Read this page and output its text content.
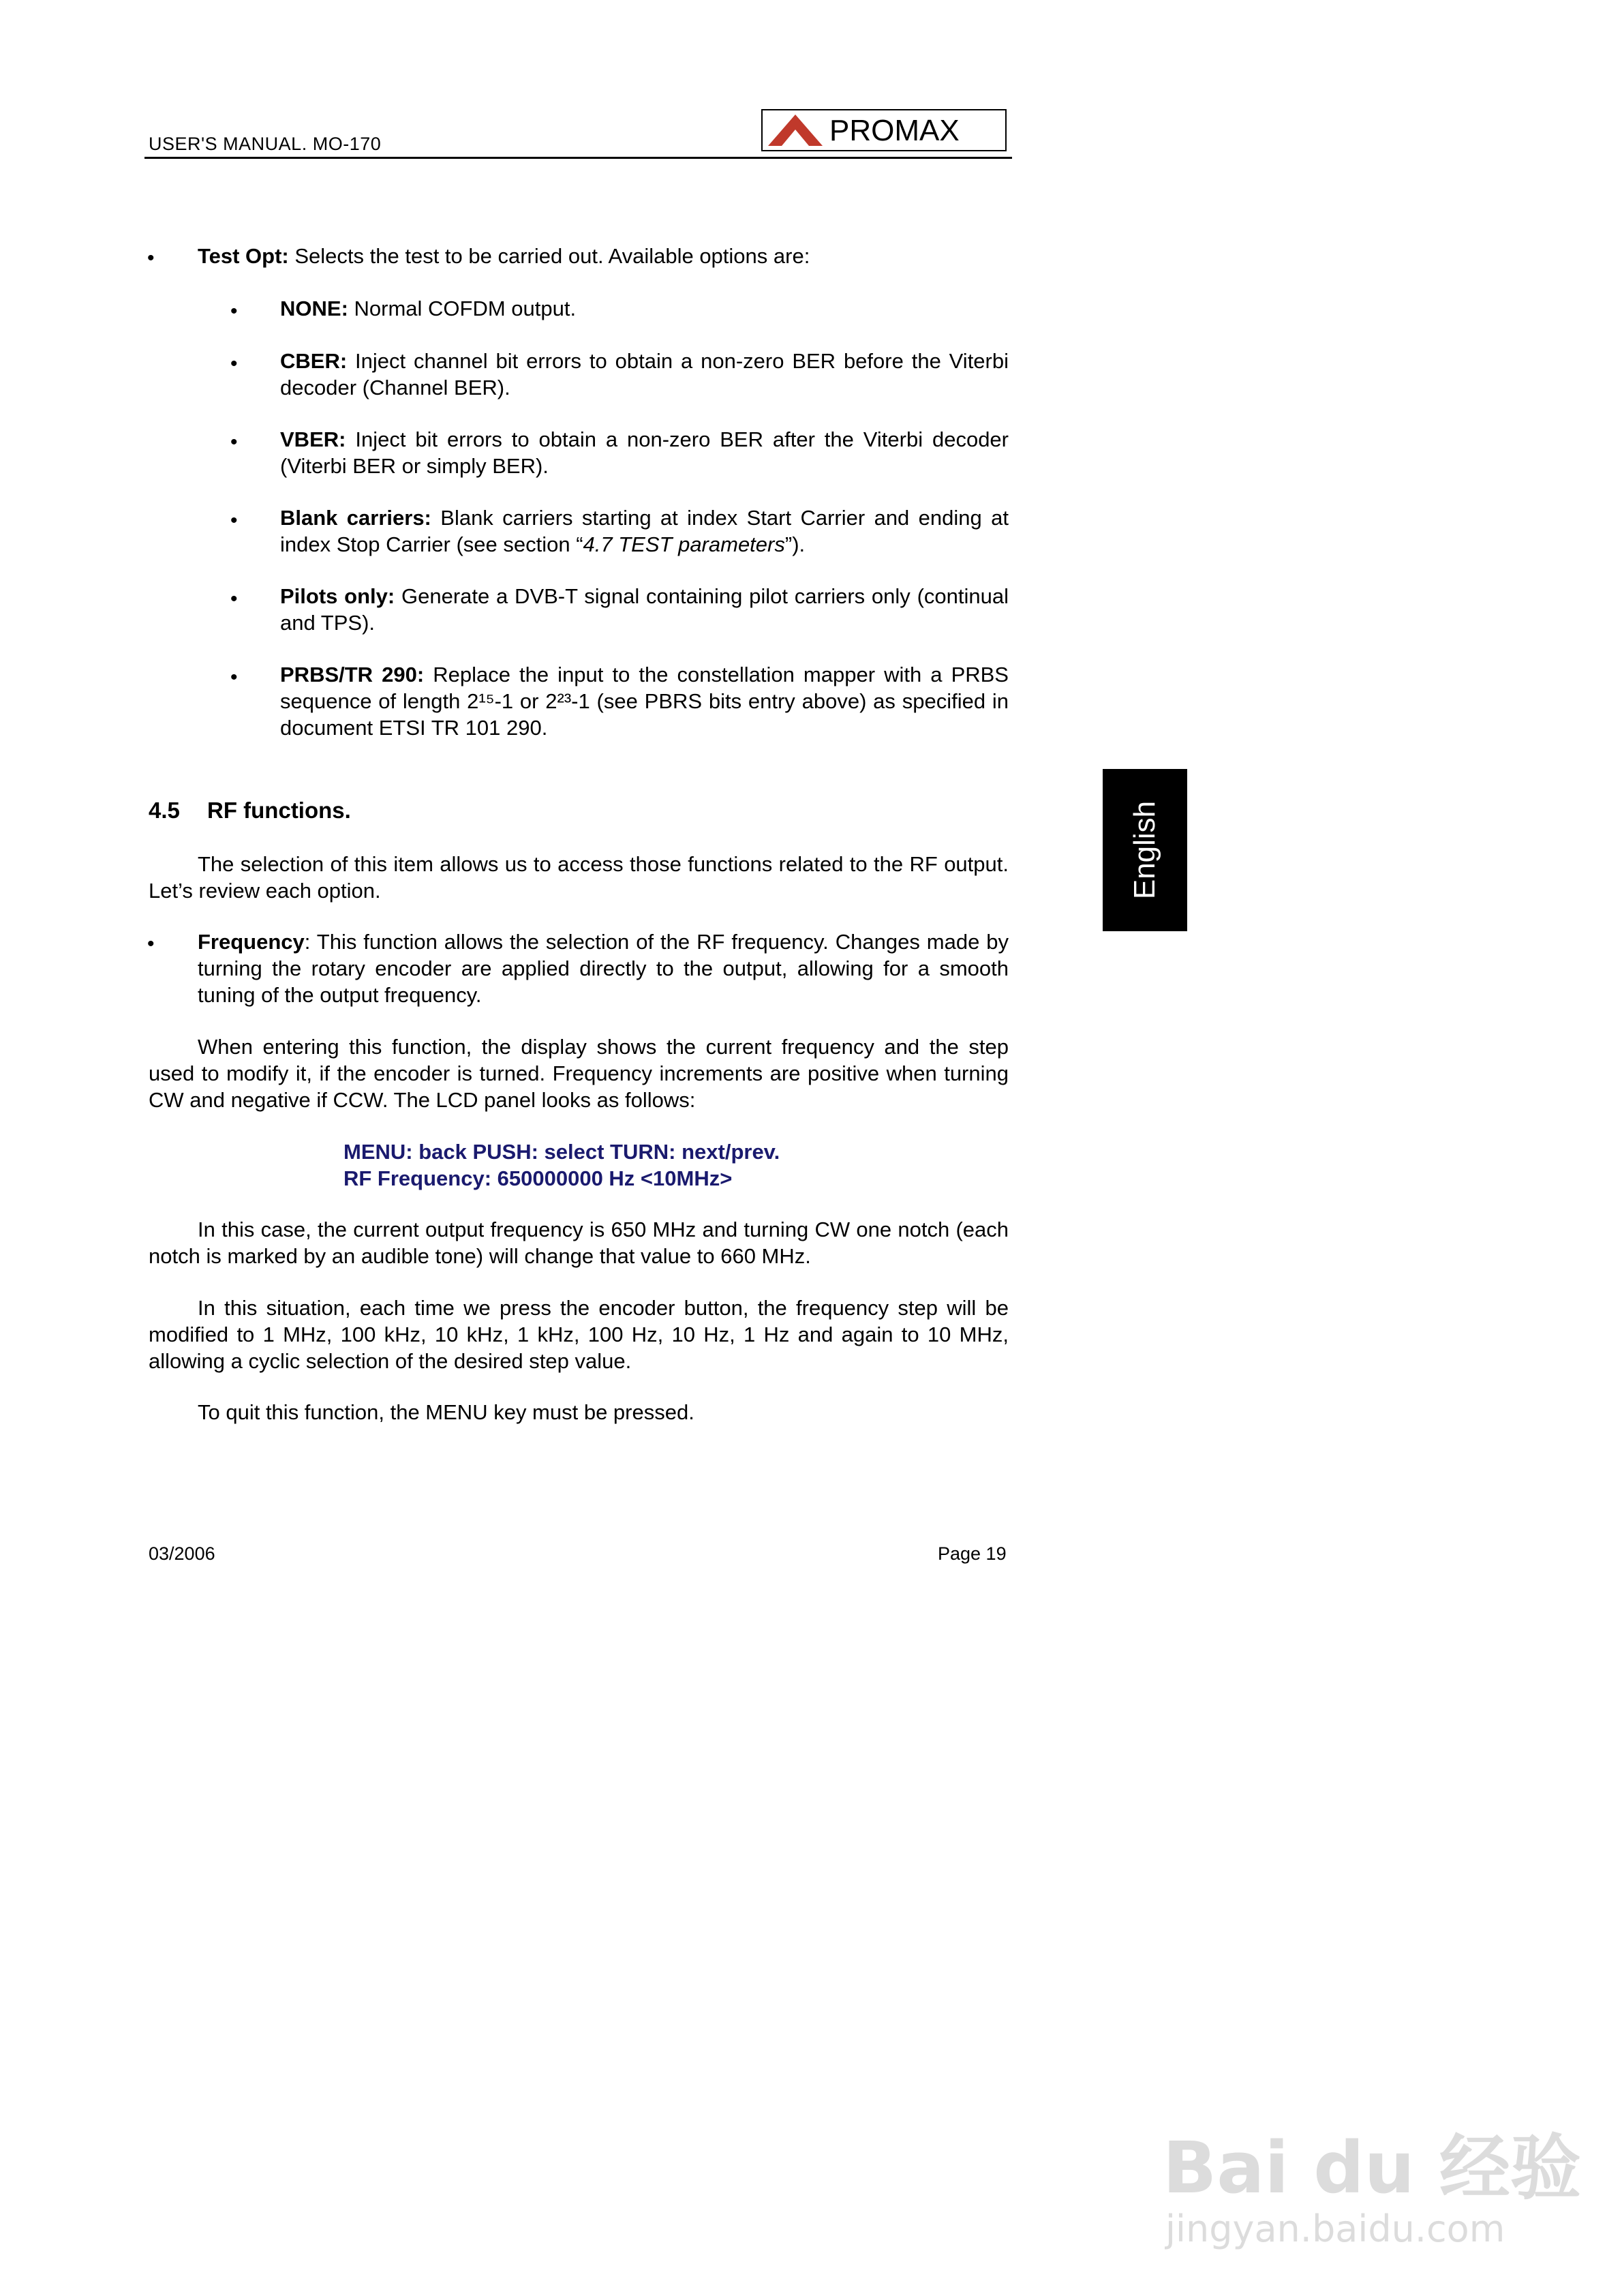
USER'S MANUAL. MO-170	PROMAX
• Test Opt: Selects the test to be carried out. Available options are:
• NONE: Normal COFDM output.
• CBER: Inject channel bit errors to obtain a non-zero BER before the Viterbi decoder (Channel BER).
• VBER: Inject bit errors to obtain a non-zero BER after the Viterbi decoder (Viterbi BER or simply BER).
• Blank carriers: Blank carriers starting at index Start Carrier and ending at index Stop Carrier (see section “4.7 TEST parameters”).
• Pilots only: Generate a DVB-T signal containing pilot carriers only (continual and TPS).
• PRBS/TR 290: Replace the input to the constellation mapper with a PRBS sequence of length 2¹⁵-1 or 2²³-1 (see PBRS bits entry above) as specified in document ETSI TR 101 290.
4.5 RF functions.	English
The selection of this item allows us to access those functions related to the RF output. Let’s review each option.
• Frequency: This function allows the selection of the RF frequency. Changes made by turning the rotary encoder are applied directly to the output, allowing for a smooth tuning of the output frequency.
When entering this function, the display shows the current frequency and the step used to modify it, if the encoder is turned. Frequency increments are positive when turning CW and negative if CCW. The LCD panel looks as follows:
MENU: back PUSH: select TURN: next/prev.
RF Frequency: 650000000 Hz <10MHz>
In this case, the current output frequency is 650 MHz and turning CW one notch (each notch is marked by an audible tone) will change that value to 660 MHz.
In this situation, each time we press the encoder button, the frequency step will be modified to 1 MHz, 100 kHz, 10 kHz, 1 kHz, 100 Hz, 10 Hz, 1 Hz and again to 10 MHz, allowing a cyclic selection of the desired step value.
To quit this function, the MENU key must be pressed.
03/2006	Page 19
Bai du 经验
jingyan.baidu.com
